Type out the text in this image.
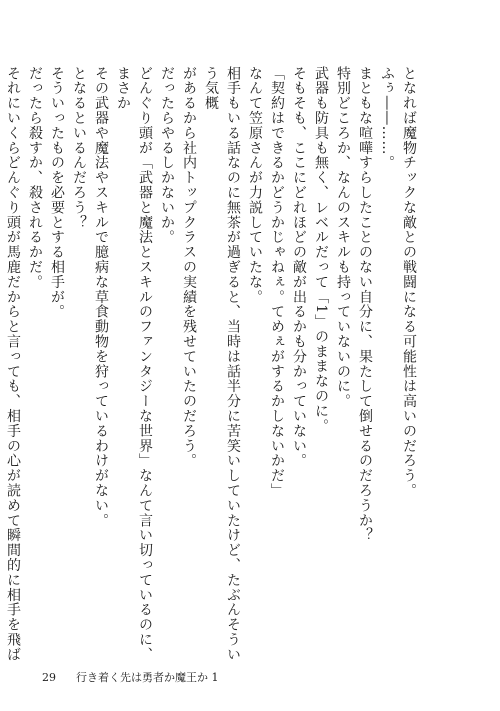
となれば魔物チックな敵との戦闘になる可能性は高いのだろう。

ふぅ――……。

まともな喧嘩すらしたことのない自分に、果たして倒せるのだろうか？

特別どころか、なんのスキルも持っていないのに。

武器も防具も無く、レベルだって「1」のままなのに。

そもそも、ここにどれほどの敵が出るかも分かっていない。

「契約はできるかどうかじゃねぇ。てめぇがするかしないかだ」

なんて笠原さんが力説していたな。

相手もいる話なのに無茶が過ぎると、当時は話半分に苦笑いしていたけど、たぶんそういう気概

があるから社内トップクラスの実績を残せていたのだろう。

だったらやるしかないか。

どんぐり頭が「武器と魔法とスキルのファンタジーな世界」なんて言い切っているのに、まさか

その武器や魔法やスキルで臆病な草食動物を狩っているわけがない。

となるといるんだろう？

そういったものを必要とする相手が。

だったら殺すか、殺されるかだ。

それにいくらどんぐり頭が馬鹿だからと言っても、相手の心が読めて瞬間的に相手を飛ば

29 行き着く先は勇者か魔王か 1
